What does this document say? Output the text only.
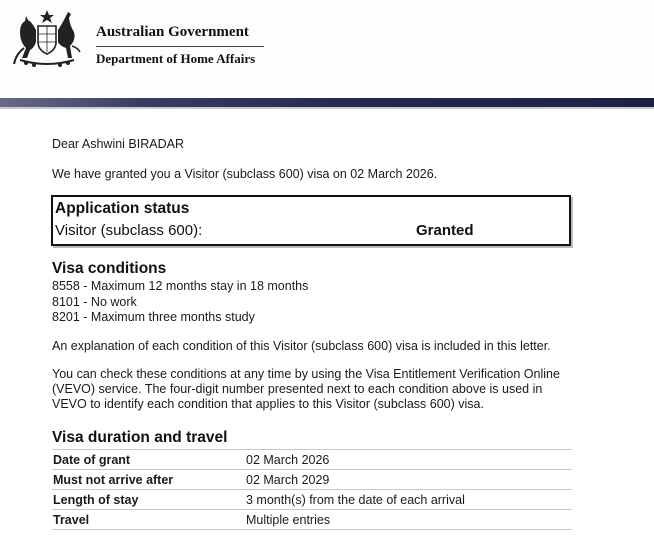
Australian Government
Department of Home Affairs
Dear Ashwini BIRADAR
We have granted you a Visitor (subclass 600) visa on 02 March 2026.
Application status
Visitor (subclass 600):	Granted
Visa conditions
8558 - Maximum 12 months stay in 18 months
8101 - No work
8201 - Maximum three months study
An explanation of each condition of this Visitor (subclass 600) visa is included in this letter.
You can check these conditions at any time by using the Visa Entitlement Verification Online (VEVO) service. The four-digit number presented next to each condition above is used in VEVO to identify each condition that applies to this Visitor (subclass 600) visa.
Visa duration and travel
Date of grant	02 March 2026
Must not arrive after	02 March 2029
Length of stay	3 month(s) from the date of each arrival
Travel	Multiple entries
